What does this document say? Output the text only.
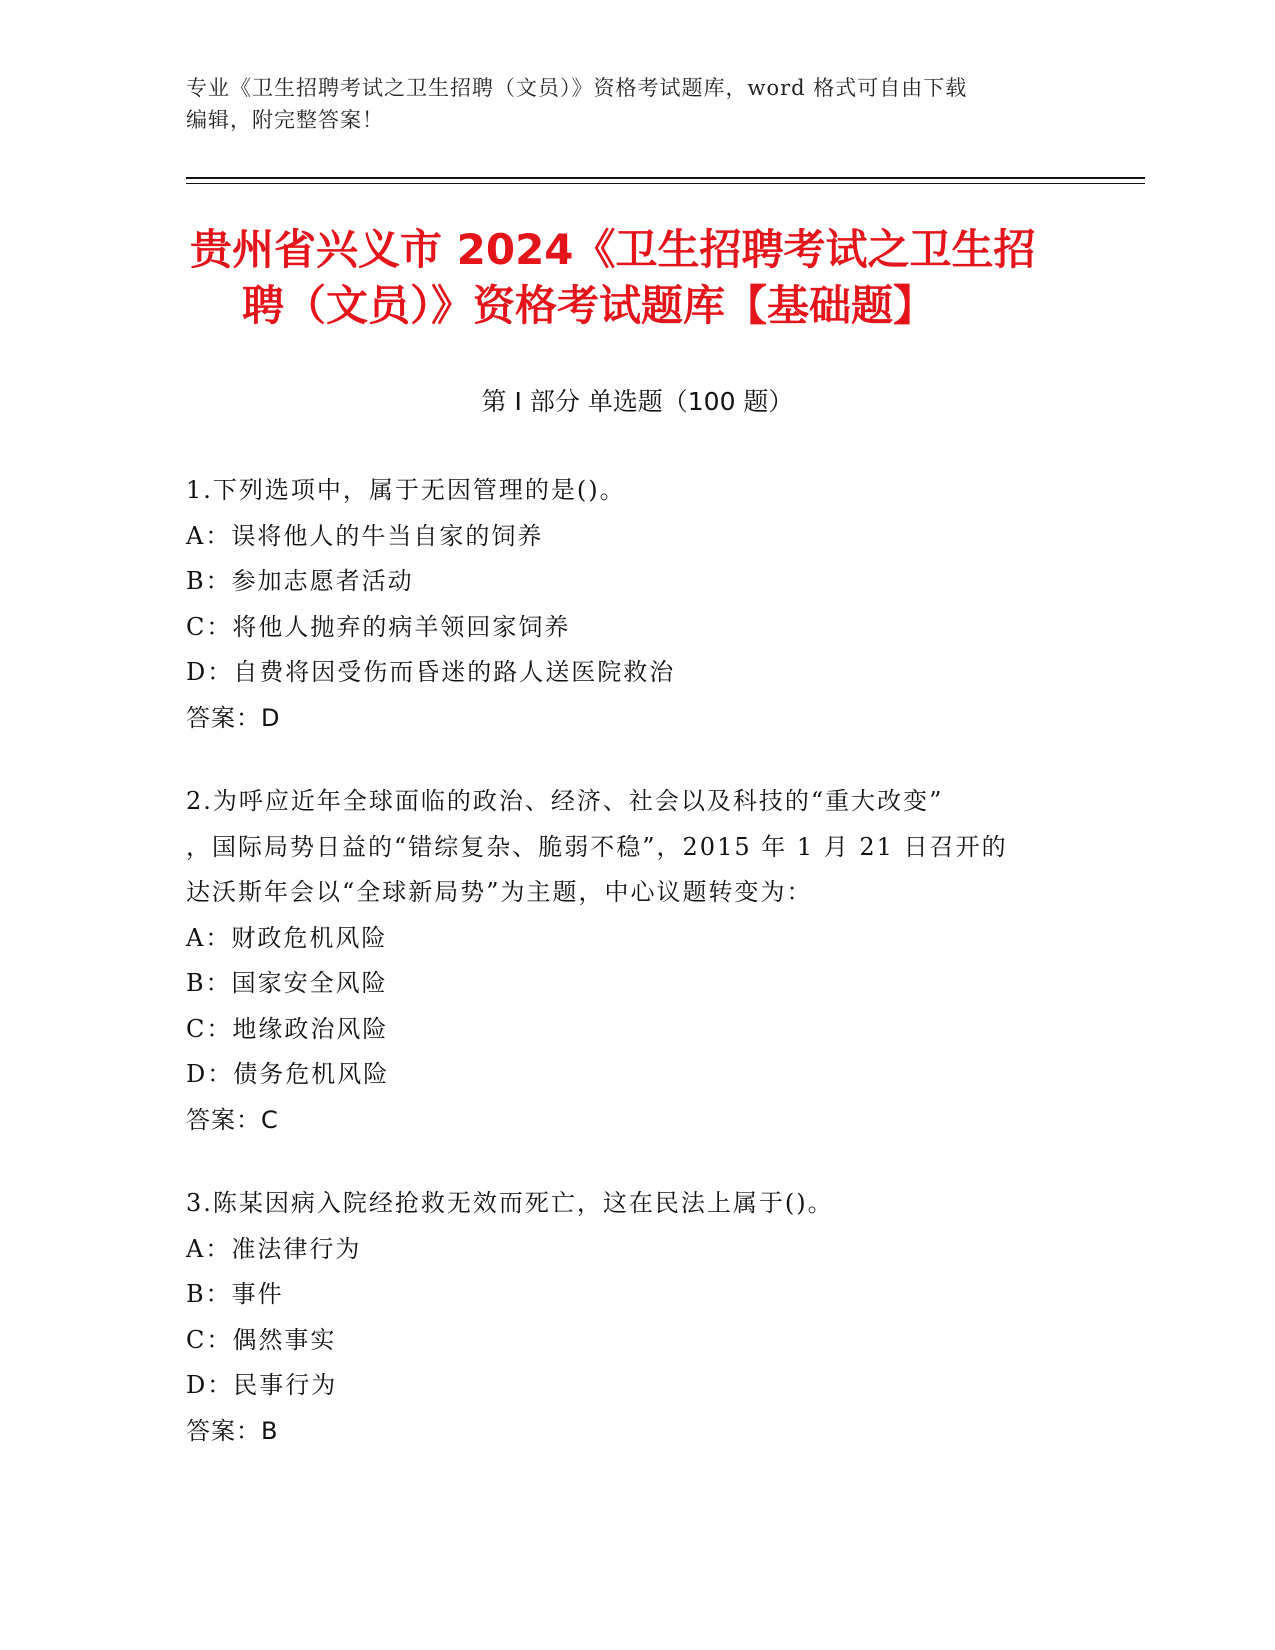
专业《卫生招聘考试之卫生招聘（文员）》资格考试题库，word 格式可自由下载
编辑，附完整答案！
贵州省兴义市 2024《卫生招聘考试之卫生招
聘（文员）》资格考试题库【基础题】
第 I 部分 单选题（100 题）
1.下列选项中，属于无因管理的是()。
A：误将他人的牛当自家的饲养
B：参加志愿者活动
C：将他人抛弃的病羊领回家饲养
D：自费将因受伤而昏迷的路人送医院救治
答案：D
2.为呼应近年全球面临的政治、经济、社会以及科技的“重大改变”
，国际局势日益的“错综复杂、脆弱不稳”，2015 年 1 月 21 日召开的
达沃斯年会以“全球新局势”为主题，中心议题转变为：
A：财政危机风险
B：国家安全风险
C：地缘政治风险
D：债务危机风险
答案：C
3.陈某因病入院经抢救无效而死亡，这在民法上属于()。
A：准法律行为
B：事件
C：偶然事实
D：民事行为
答案：B
